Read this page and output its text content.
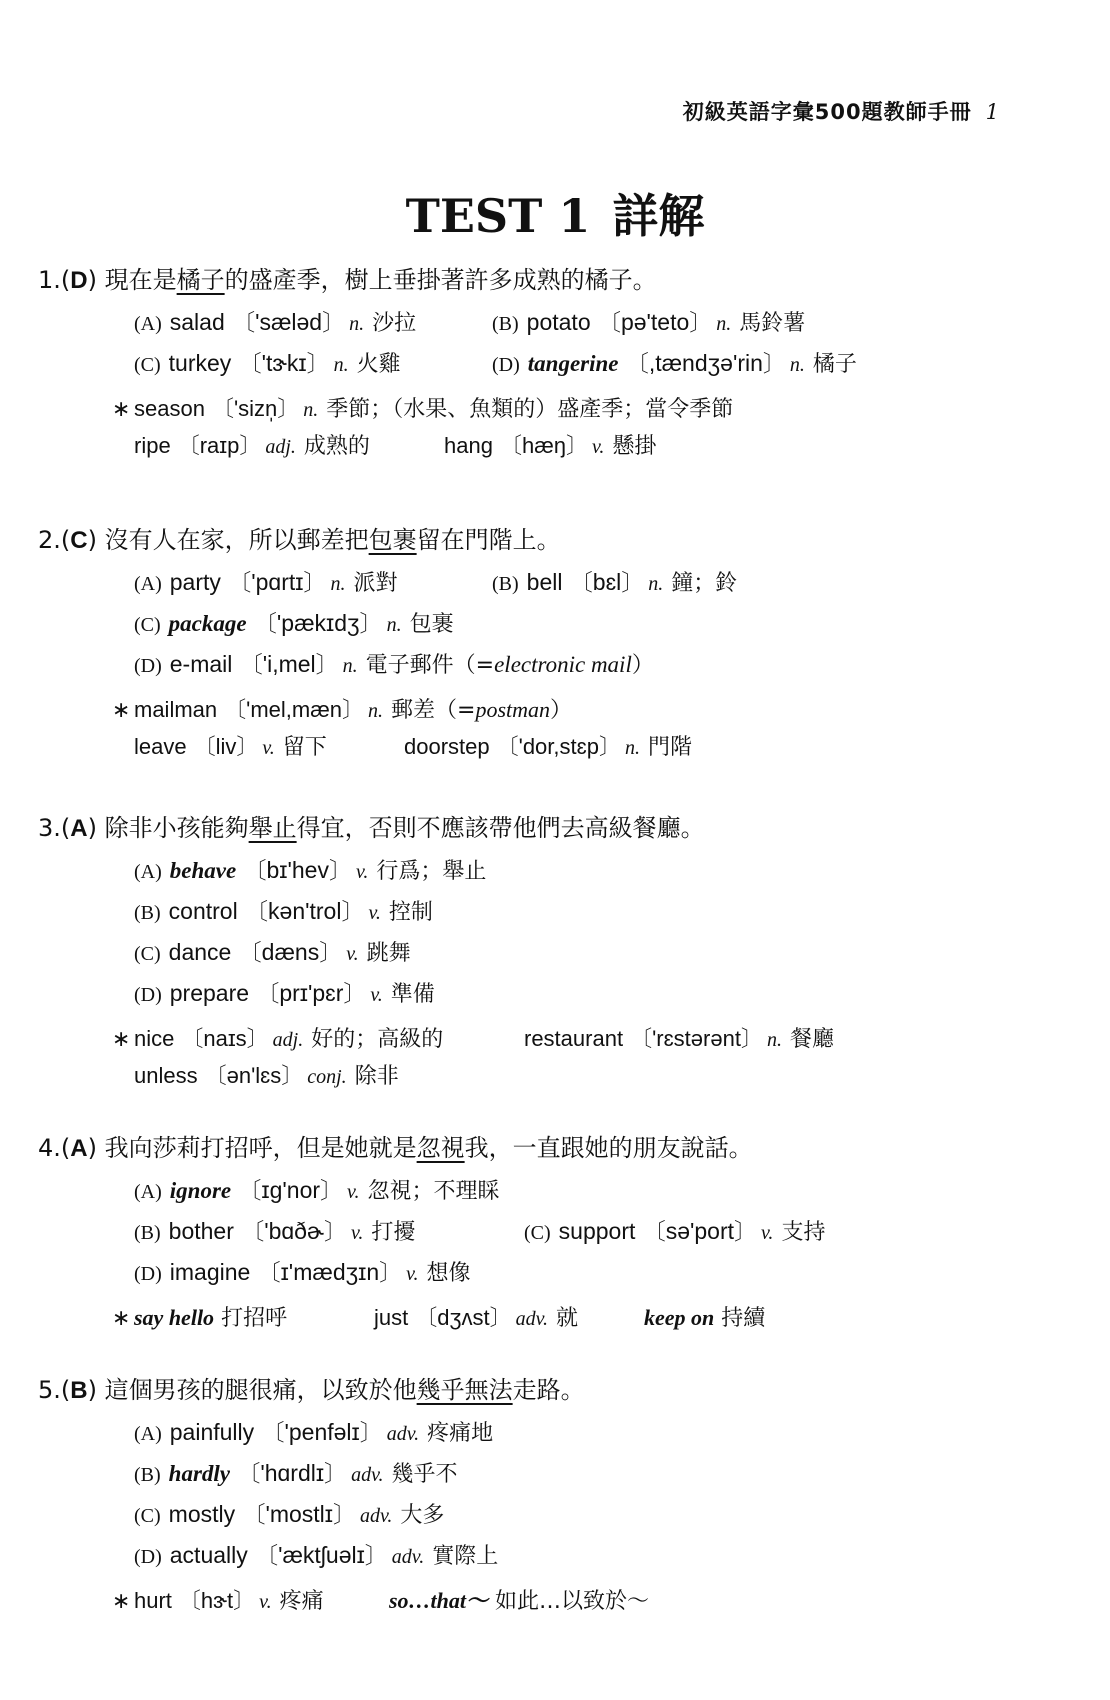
初級英語字彙500題教師手冊 1
TEST 1 詳解
1.(D) 現在是橘子的盛產季，樹上垂掛著許多成熟的橘子。
(A) salad 〔'sæləd〕 n. 沙拉	(B) potato 〔pə'teto〕 n. 馬鈴薯
(C) turkey 〔'tɝkɪ〕 n. 火雞	(D) tangerine 〔,tændʒə'rin〕 n. 橘子
∗ season 〔'sizn̩〕 n. 季節；（水果、魚類的）盛產季；當令季節
ripe 〔raɪp〕 adj. 成熟的	hang 〔hæŋ〕 v. 懸掛
2.(C) 沒有人在家，所以郵差把包裹留在門階上。
(A) party 〔'pɑrtɪ〕 n. 派對	(B) bell 〔bɛl〕 n. 鐘；鈴
(C) package 〔'pækɪdʒ〕 n. 包裹
(D) e-mail 〔'i,mel〕 n. 電子郵件（=electronic mail）
∗ mailman 〔'mel,mæn〕 n. 郵差（=postman）
leave 〔liv〕 v. 留下	doorstep 〔'dor,stɛp〕 n. 門階
3.(A) 除非小孩能夠舉止得宜，否則不應該帶他們去高級餐廳。
(A) behave 〔bɪ'hev〕 v. 行爲；舉止
(B) control 〔kən'trol〕 v. 控制
(C) dance 〔dæns〕 v. 跳舞
(D) prepare 〔prɪ'pɛr〕 v. 準備
∗ nice 〔naɪs〕 adj. 好的；高級的	restaurant 〔'rɛstərənt〕 n. 餐廳
unless 〔ən'lɛs〕 conj. 除非
4.(A) 我向莎莉打招呼，但是她就是忽視我，一直跟她的朋友說話。
(A) ignore 〔ɪg'nor〕 v. 忽視；不理睬
(B) bother 〔'bɑðɚ〕 v. 打擾	(C) support 〔sə'port〕 v. 支持
(D) imagine 〔ɪ'mædʒɪn〕 v. 想像
∗ say hello 打招呼	just 〔dʒʌst〕 adv. 就	keep on 持續
5.(B) 這個男孩的腿很痛，以致於他幾乎無法走路。
(A) painfully 〔'penfəlɪ〕 adv. 疼痛地
(B) hardly 〔'hɑrdlɪ〕 adv. 幾乎不
(C) mostly 〔'mostlɪ〕 adv. 大多
(D) actually 〔'æktʃuəlɪ〕 adv. 實際上
∗ hurt 〔hɝt〕 v. 疼痛	so…that～ 如此…以致於～
